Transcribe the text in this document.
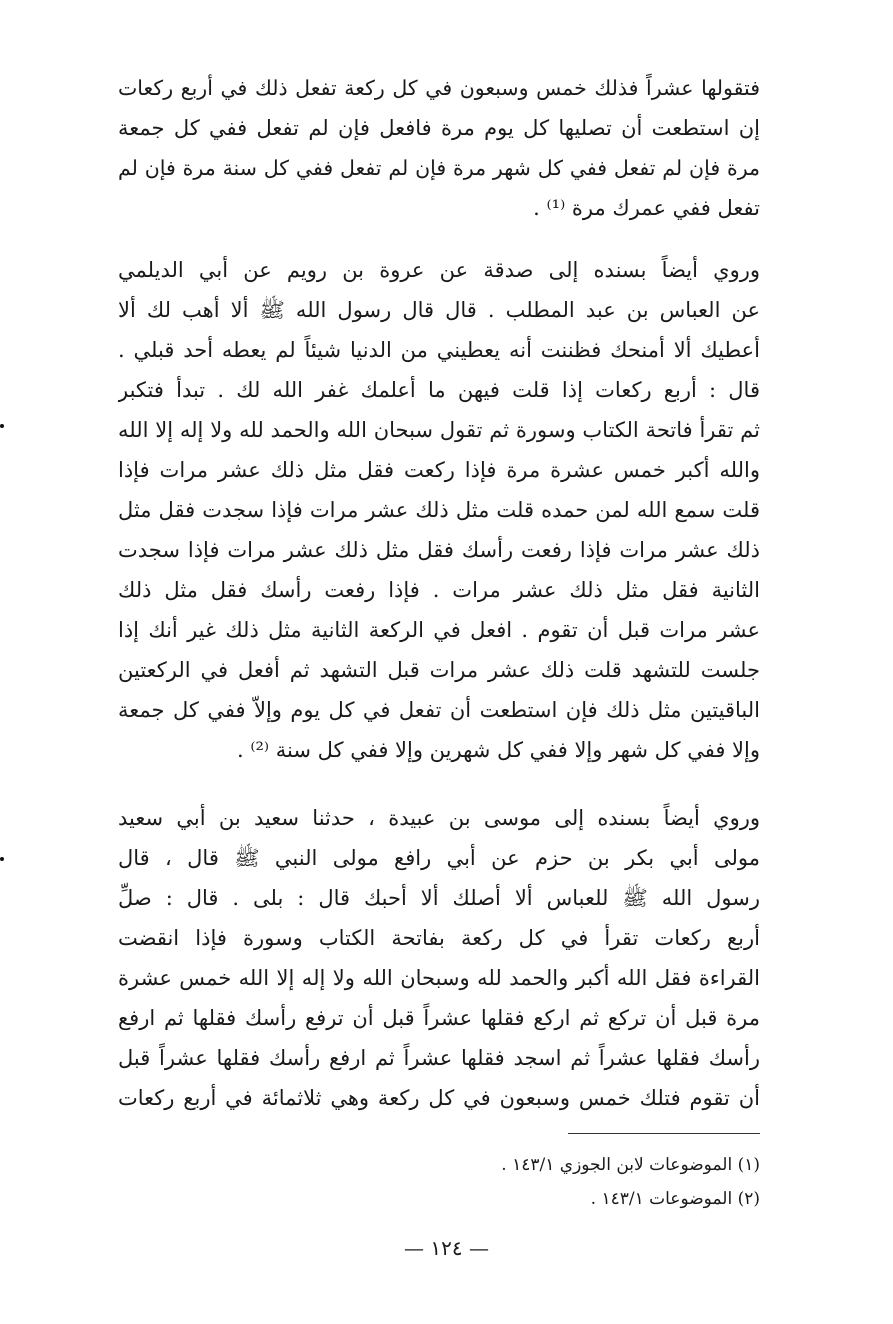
فتقولها عشراً فذلك خمس وسبعون في كل ركعة تفعل ذلك في أربع ركعات
إن استطعت أن تصليها كل يوم مرة فافعل فإن لم تفعل ففي كل جمعة
مرة فإن لم تفعل ففي كل شهر مرة فإن لم تفعل ففي كل سنة مرة فإن لم
تفعل ففي عمرك مرة ⁽¹⁾ .
وروي أيضاً بسنده إلى صدقة عن عروة بن رويم عن أبي الديلمي
عن العباس بن عبد المطلب . قال قال رسول الله ﷺ ألا أهب لك ألا
أعطيك ألا أمنحك فظننت أنه يعطيني من الدنيا شيئاً لم يعطه أحد قبلي .
قال : أربع ركعات إذا قلت فيهن ما أعلمك غفر الله لك . تبدأ فتكبر
ثم تقرأ فاتحة الكتاب وسورة ثم تقول سبحان الله والحمد لله ولا إله إلا الله
والله أكبر خمس عشرة مرة فإذا ركعت فقل مثل ذلك عشر مرات فإذا
قلت سمع الله لمن حمده قلت مثل ذلك عشر مرات فإذا سجدت فقل مثل
ذلك عشر مرات فإذا رفعت رأسك فقل مثل ذلك عشر مرات فإذا سجدت
الثانية فقل مثل ذلك عشر مرات . فإذا رفعت رأسك فقل مثل ذلك
عشر مرات قبل أن تقوم . افعل في الركعة الثانية مثل ذلك غير أنك إذا
جلست للتشهد قلت ذلك عشر مرات قبل التشهد ثم أفعل في الركعتين
الباقيتين مثل ذلك فإن استطعت أن تفعل في كل يوم وإلاّ ففي كل جمعة
وإلا ففي كل شهر وإلا ففي كل شهرين وإلا ففي كل سنة ⁽²⁾ .
وروي أيضاً بسنده إلى موسى بن عبيدة ، حدثنا سعيد بن أبي سعيد
مولى أبي بكر بن حزم عن أبي رافع مولى النبي ﷺ قال ، قال
رسول الله ﷺ للعباس ألا أصلك ألا أحبك قال : بلى . قال : صلِّ
أربع ركعات تقرأ في كل ركعة بفاتحة الكتاب وسورة فإذا انقضت
القراءة فقل الله أكبر والحمد لله وسبحان الله ولا إله إلا الله خمس عشرة
مرة قبل أن تركع ثم اركع فقلها عشراً قبل أن ترفع رأسك فقلها ثم ارفع
رأسك فقلها عشراً ثم اسجد فقلها عشراً ثم ارفع رأسك فقلها عشراً قبل
أن تقوم فتلك خمس وسبعون في كل ركعة وهي ثلاثمائة في أربع ركعات
(١) الموضوعات لابن الجوزي ١٤٣/١ .
(٢) الموضوعات ١٤٣/١ .
— ١٢٤ —
